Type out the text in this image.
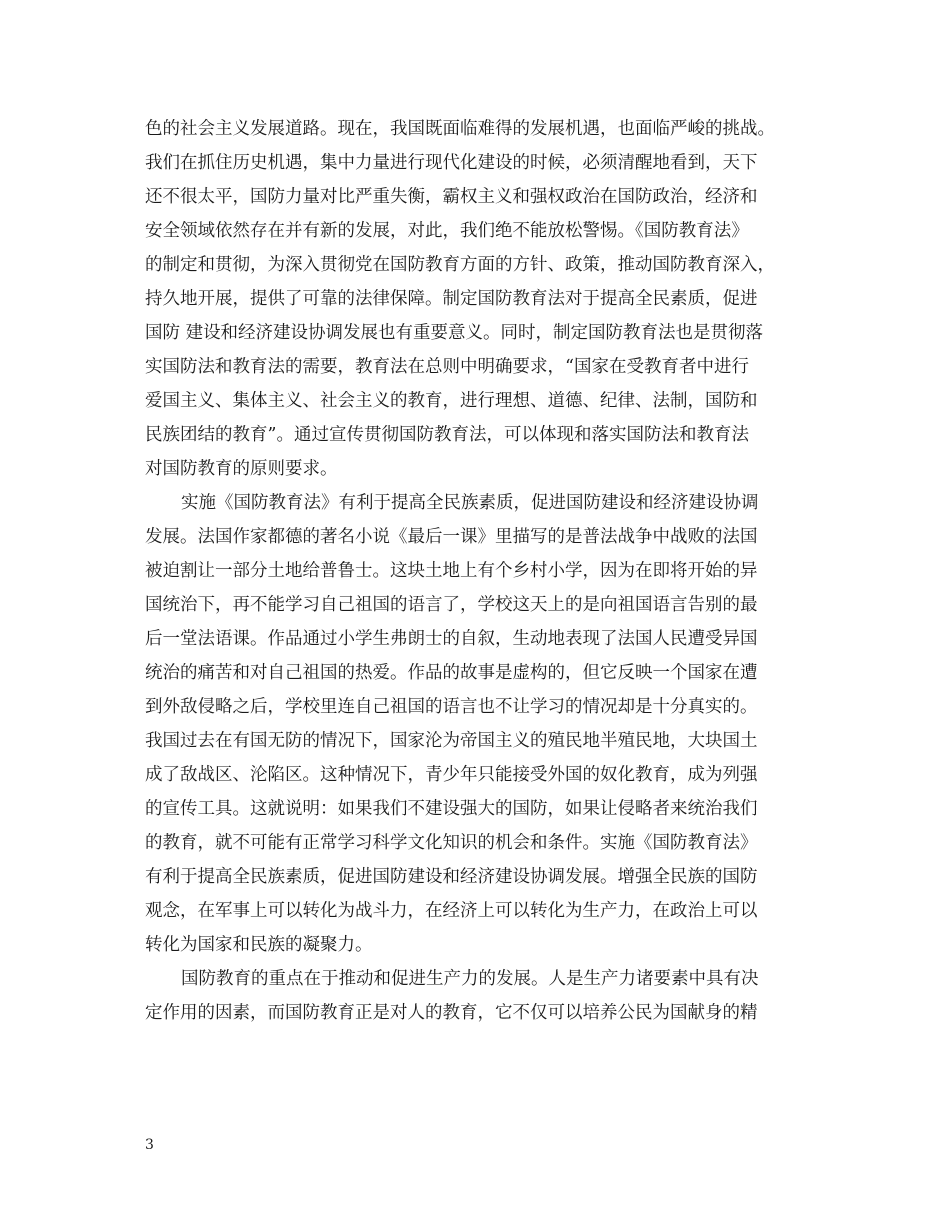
色的社会主义发展道路。现在，我国既面临难得的发展机遇，也面临严峻的挑战。
我们在抓住历史机遇，集中力量进行现代化建设的时候，必须清醒地看到，天下
还不很太平，国防力量对比严重失衡，霸权主义和强权政治在国防政治，经济和
安全领域依然存在并有新的发展，对此，我们绝不能放松警惕。《国防教育法》
的制定和贯彻，为深入贯彻党在国防教育方面的方针、政策，推动国防教育深入，
持久地开展，提供了可靠的法律保障。制定国防教育法对于提高全民素质，促进
国防 建设和经济建设协调发展也有重要意义。同时，制定国防教育法也是贯彻落
实国防法和教育法的需要，教育法在总则中明确要求，“国家在受教育者中进行
爱国主义、集体主义、社会主义的教育，进行理想、道德、纪律、法制，国防和
民族团结的教育”。通过宣传贯彻国防教育法，可以体现和落实国防法和教育法
对国防教育的原则要求。
实施《国防教育法》有利于提高全民族素质，促进国防建设和经济建设协调
发展。法国作家都德的著名小说《最后一课》里描写的是普法战争中战败的法国
被迫割让一部分土地给普鲁士。这块土地上有个乡村小学，因为在即将开始的异
国统治下，再不能学习自己祖国的语言了，学校这天上的是向祖国语言告别的最
后一堂法语课。作品通过小学生弗朗士的自叙，生动地表现了法国人民遭受异国
统治的痛苦和对自己祖国的热爱。作品的故事是虚构的，但它反映一个国家在遭
到外敌侵略之后，学校里连自己祖国的语言也不让学习的情况却是十分真实的。
我国过去在有国无防的情况下，国家沦为帝国主义的殖民地半殖民地，大块国土
成了敌战区、沦陷区。这种情况下，青少年只能接受外国的奴化教育，成为列强
的宣传工具。这就说明：如果我们不建设强大的国防，如果让侵略者来统治我们
的教育，就不可能有正常学习科学文化知识的机会和条件。实施《国防教育法》
有利于提高全民族素质，促进国防建设和经济建设协调发展。增强全民族的国防
观念，在军事上可以转化为战斗力，在经济上可以转化为生产力，在政治上可以
转化为国家和民族的凝聚力。
国防教育的重点在于推动和促进生产力的发展。人是生产力诸要素中具有决
定作用的因素，而国防教育正是对人的教育，它不仅可以培养公民为国献身的精
3
